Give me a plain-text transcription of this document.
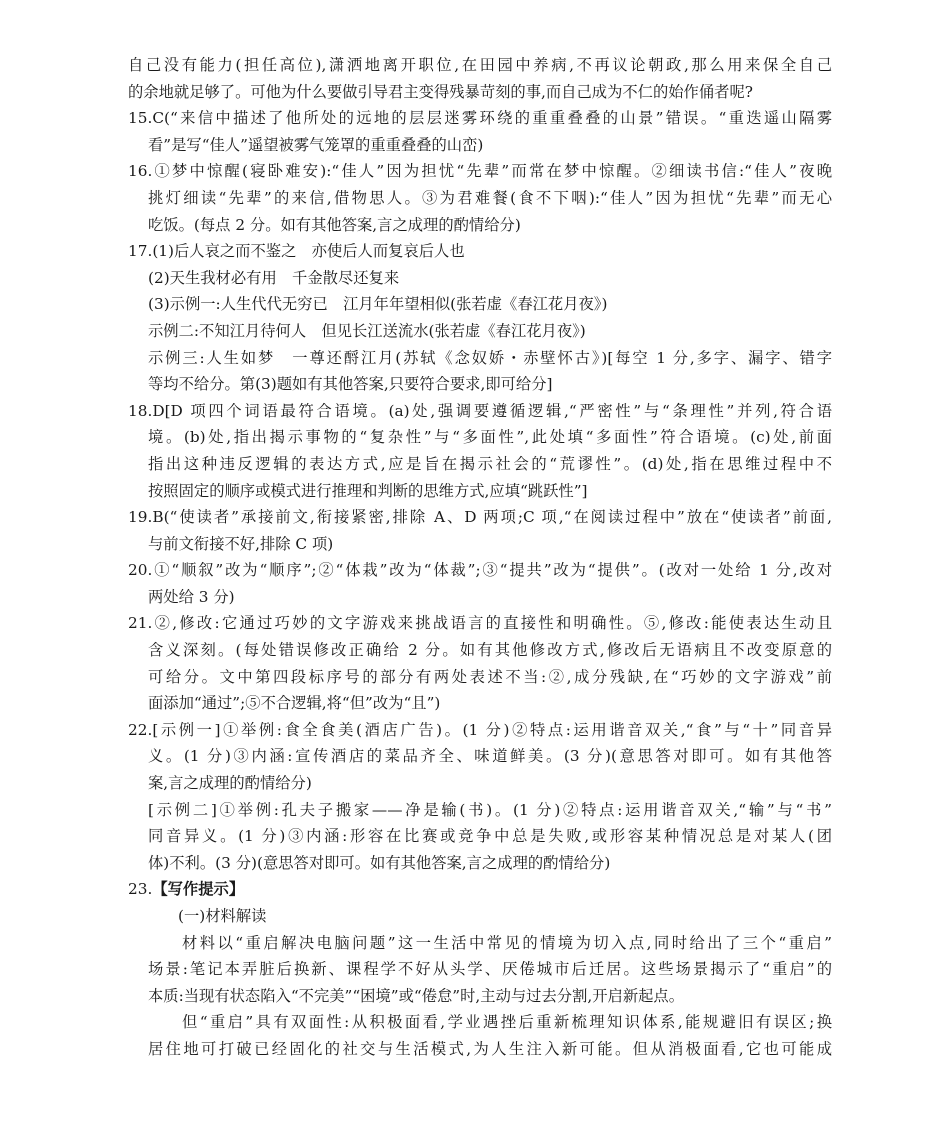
自己没有能力(担任高位),潇洒地离开职位,在田园中养病,不再议论朝政,那么用来保全自己
的余地就足够了。可他为什么要做引导君主变得残暴苛刻的事,而自己成为不仁的始作俑者呢?
15.C(“来信中描述了他所处的远地的层层迷雾环绕的重重叠叠的山景”错误。“重迭遥山隔雾
看”是写“佳人”遥望被雾气笼罩的重重叠叠的山峦)
16.①梦中惊醒(寝卧难安):“佳人”因为担忧“先辈”而常在梦中惊醒。②细读书信:“佳人”夜晚
挑灯细读“先辈”的来信,借物思人。③为君难餐(食不下咽):“佳人”因为担忧“先辈”而无心
吃饭。(每点 2 分。如有其他答案,言之成理的酌情给分)
17.(1)后人哀之而不鉴之　亦使后人而复哀后人也
(2)天生我材必有用　千金散尽还复来
(3)示例一:人生代代无穷已　江月年年望相似(张若虚《春江花月夜》)
示例二:不知江月待何人　但见长江送流水(张若虚《春江花月夜》)
示例三:人生如梦　一尊还酹江月(苏轼《念奴娇・赤壁怀古》)[每空 1 分,多字、漏字、错字
等均不给分。第(3)题如有其他答案,只要符合要求,即可给分]
18.D[D 项四个词语最符合语境。(a)处,强调要遵循逻辑,“严密性”与“条理性”并列,符合语
境。(b)处,指出揭示事物的“复杂性”与“多面性”,此处填“多面性”符合语境。(c)处,前面
指出这种违反逻辑的表达方式,应是旨在揭示社会的“荒谬性”。(d)处,指在思维过程中不
按照固定的顺序或模式进行推理和判断的思维方式,应填“跳跃性”]
19.B(“使读者”承接前文,衔接紧密,排除 A、D 两项;C 项,“在阅读过程中”放在“使读者”前面,
与前文衔接不好,排除 C 项)
20.①“顺叙”改为“顺序”;②“体栽”改为“体裁”;③“提共”改为“提供”。(改对一处给 1 分,改对
两处给 3 分)
21.②,修改:它通过巧妙的文字游戏来挑战语言的直接性和明确性。⑤,修改:能使表达生动且
含义深刻。(每处错误修改正确给 2 分。如有其他修改方式,修改后无语病且不改变原意的
可给分。文中第四段标序号的部分有两处表述不当:②,成分残缺,在“巧妙的文字游戏”前
面添加“通过”;⑤不合逻辑,将“但”改为“且”)
22.[示例一]①举例:食全食美(酒店广告)。(1 分)②特点:运用谐音双关,“食”与“十”同音异
义。(1 分)③内涵:宣传酒店的菜品齐全、味道鲜美。(3 分)(意思答对即可。如有其他答
案,言之成理的酌情给分)
[示例二]①举例:孔夫子搬家——净是输(书)。(1 分)②特点:运用谐音双关,“输”与“书”
同音异义。(1 分)③内涵:形容在比赛或竞争中总是失败,或形容某种情况总是对某人(团
体)不利。(3 分)(意思答对即可。如有其他答案,言之成理的酌情给分)
23.【写作提示】
(一)材料解读
材料以“重启解决电脑问题”这一生活中常见的情境为切入点,同时给出了三个“重启”
场景:笔记本弄脏后换新、课程学不好从头学、厌倦城市后迁居。这些场景揭示了“重启”的
本质:当现有状态陷入“不完美”“困境”或“倦怠”时,主动与过去分割,开启新起点。
但“重启”具有双面性:从积极面看,学业遇挫后重新梳理知识体系,能规避旧有误区;换
居住地可打破已经固化的社交与生活模式,为人生注入新可能。但从消极面看,它也可能成
